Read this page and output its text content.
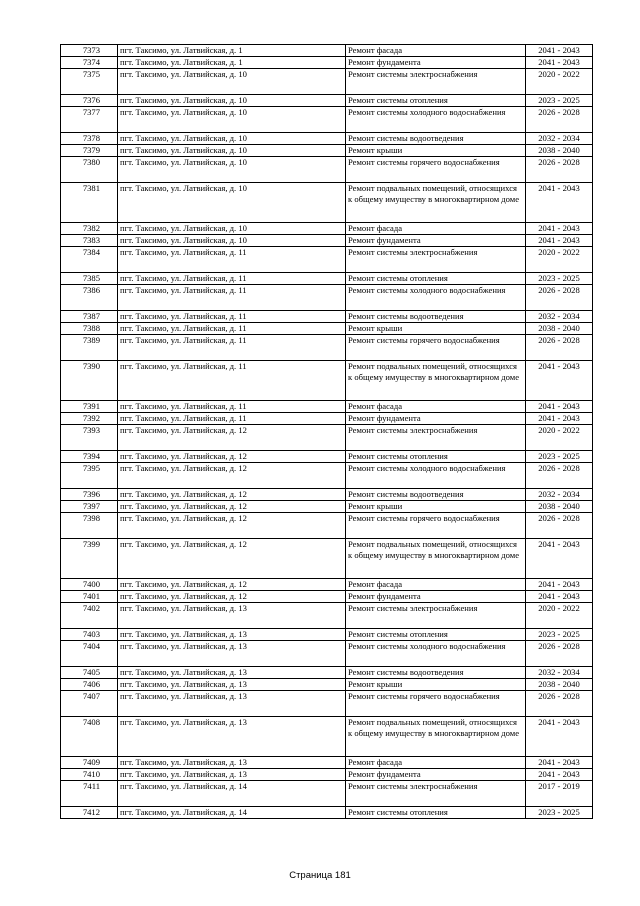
7373	пгт. Таксимо, ул. Латвийская, д. 1	Ремонт фасада	2041 - 2043
7374	пгт. Таксимо, ул. Латвийская, д. 1	Ремонт фундамента	2041 - 2043
7375	пгт. Таксимо, ул. Латвийская, д. 10	Ремонт системы электроснабжения	2020 - 2022
7376	пгт. Таксимо, ул. Латвийская, д. 10	Ремонт системы отопления	2023 - 2025
7377	пгт. Таксимо, ул. Латвийская, д. 10	Ремонт системы холодного водоснабжения	2026 - 2028
7378	пгт. Таксимо, ул. Латвийская, д. 10	Ремонт системы водоотведения	2032 - 2034
7379	пгт. Таксимо, ул. Латвийская, д. 10	Ремонт крыши	2038 - 2040
7380	пгт. Таксимо, ул. Латвийская, д. 10	Ремонт системы горячего водоснабжения	2026 - 2028
7381	пгт. Таксимо, ул. Латвийская, д. 10	Ремонт подвальных помещений, относящихся к общему имуществу в многоквартирном доме	2041 - 2043
7382	пгт. Таксимо, ул. Латвийская, д. 10	Ремонт фасада	2041 - 2043
7383	пгт. Таксимо, ул. Латвийская, д. 10	Ремонт фундамента	2041 - 2043
7384	пгт. Таксимо, ул. Латвийская, д. 11	Ремонт системы электроснабжения	2020 - 2022
7385	пгт. Таксимо, ул. Латвийская, д. 11	Ремонт системы отопления	2023 - 2025
7386	пгт. Таксимо, ул. Латвийская, д. 11	Ремонт системы холодного водоснабжения	2026 - 2028
7387	пгт. Таксимо, ул. Латвийская, д. 11	Ремонт системы водоотведения	2032 - 2034
7388	пгт. Таксимо, ул. Латвийская, д. 11	Ремонт крыши	2038 - 2040
7389	пгт. Таксимо, ул. Латвийская, д. 11	Ремонт системы горячего водоснабжения	2026 - 2028
7390	пгт. Таксимо, ул. Латвийская, д. 11	Ремонт подвальных помещений, относящихся к общему имуществу в многоквартирном доме	2041 - 2043
7391	пгт. Таксимо, ул. Латвийская, д. 11	Ремонт фасада	2041 - 2043
7392	пгт. Таксимо, ул. Латвийская, д. 11	Ремонт фундамента	2041 - 2043
7393	пгт. Таксимо, ул. Латвийская, д. 12	Ремонт системы электроснабжения	2020 - 2022
7394	пгт. Таксимо, ул. Латвийская, д. 12	Ремонт системы отопления	2023 - 2025
7395	пгт. Таксимо, ул. Латвийская, д. 12	Ремонт системы холодного водоснабжения	2026 - 2028
7396	пгт. Таксимо, ул. Латвийская, д. 12	Ремонт системы водоотведения	2032 - 2034
7397	пгт. Таксимо, ул. Латвийская, д. 12	Ремонт крыши	2038 - 2040
7398	пгт. Таксимо, ул. Латвийская, д. 12	Ремонт системы горячего водоснабжения	2026 - 2028
7399	пгт. Таксимо, ул. Латвийская, д. 12	Ремонт подвальных помещений, относящихся к общему имуществу в многоквартирном доме	2041 - 2043
7400	пгт. Таксимо, ул. Латвийская, д. 12	Ремонт фасада	2041 - 2043
7401	пгт. Таксимо, ул. Латвийская, д. 12	Ремонт фундамента	2041 - 2043
7402	пгт. Таксимо, ул. Латвийская, д. 13	Ремонт системы электроснабжения	2020 - 2022
7403	пгт. Таксимо, ул. Латвийская, д. 13	Ремонт системы отопления	2023 - 2025
7404	пгт. Таксимо, ул. Латвийская, д. 13	Ремонт системы холодного водоснабжения	2026 - 2028
7405	пгт. Таксимо, ул. Латвийская, д. 13	Ремонт системы водоотведения	2032 - 2034
7406	пгт. Таксимо, ул. Латвийская, д. 13	Ремонт крыши	2038 - 2040
7407	пгт. Таксимо, ул. Латвийская, д. 13	Ремонт системы горячего водоснабжения	2026 - 2028
7408	пгт. Таксимо, ул. Латвийская, д. 13	Ремонт подвальных помещений, относящихся к общему имуществу в многоквартирном доме	2041 - 2043
7409	пгт. Таксимо, ул. Латвийская, д. 13	Ремонт фасада	2041 - 2043
7410	пгт. Таксимо, ул. Латвийская, д. 13	Ремонт фундамента	2041 - 2043
7411	пгт. Таксимо, ул. Латвийская, д. 14	Ремонт системы электроснабжения	2017 - 2019
7412	пгт. Таксимо, ул. Латвийская, д. 14	Ремонт системы отопления	2023 - 2025
Страница 181
